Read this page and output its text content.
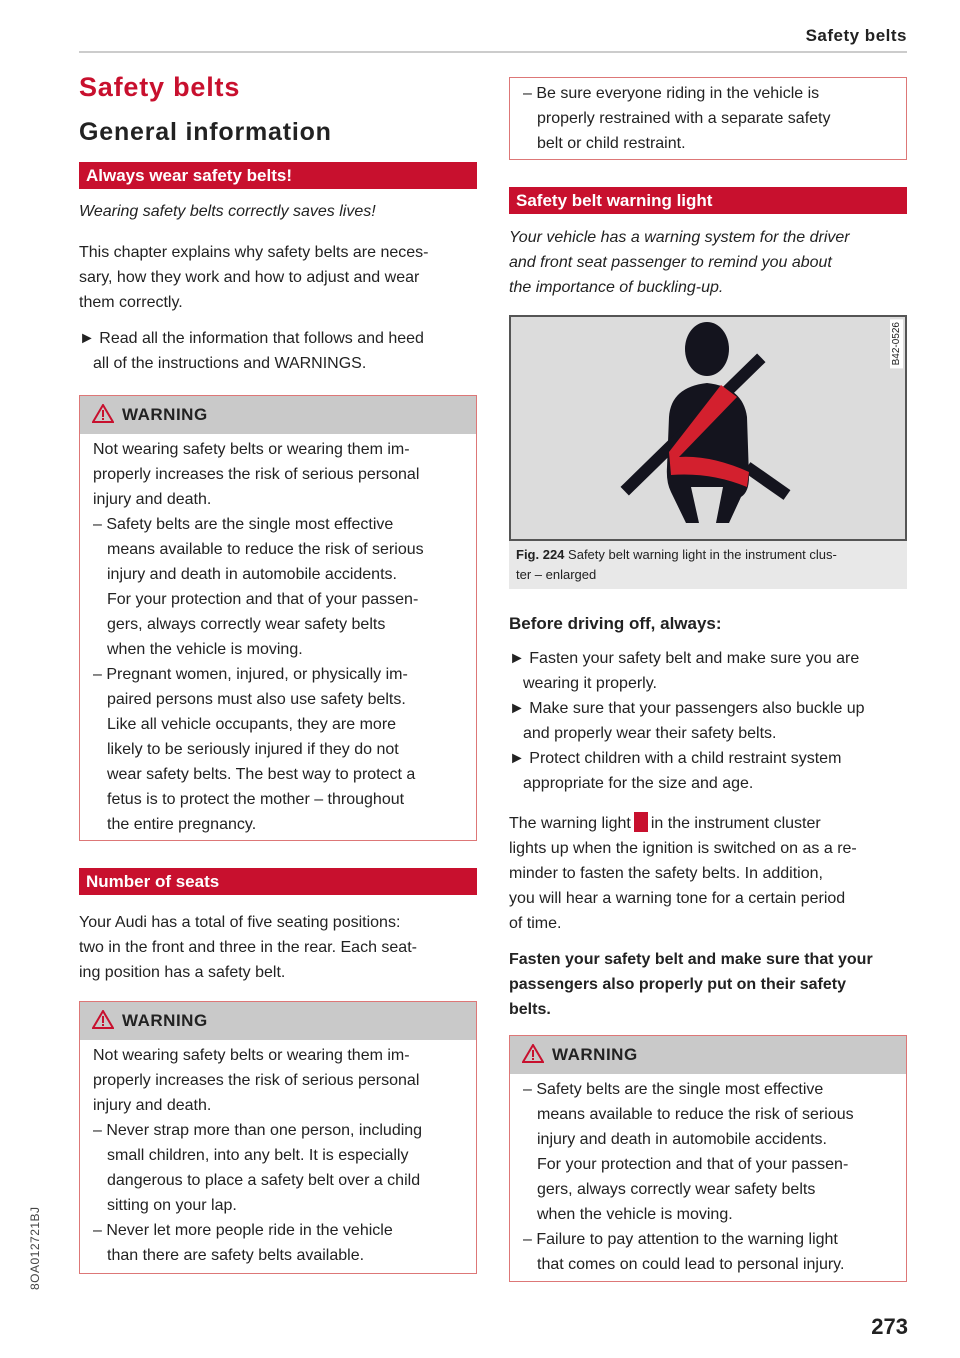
Safety belts
Safety belts
General information
Always wear safety belts!
Wearing safety belts correctly saves lives!
This chapter explains why safety belts are neces-
sary, how they work and how to adjust and wear
them correctly.
► Read all the information that follows and heed
all of the instructions and WARNINGS.
WARNING
Not wearing safety belts or wearing them im-
properly increases the risk of serious personal
injury and death.
– Safety belts are the single most effective
means available to reduce the risk of serious
injury and death in automobile accidents.
For your protection and that of your passen-
gers, always correctly wear safety belts
when the vehicle is moving.
– Pregnant women, injured, or physically im-
paired persons must also use safety belts.
Like all vehicle occupants, they are more
likely to be seriously injured if they do not
wear safety belts. The best way to protect a
fetus is to protect the mother – throughout
the entire pregnancy.
Number of seats
Your Audi has a total of five seating positions:
two in the front and three in the rear. Each seat-
ing position has a safety belt.
WARNING
Not wearing safety belts or wearing them im-
properly increases the risk of serious personal
injury and death.
– Never strap more than one person, including
small children, into any belt. It is especially
dangerous to place a safety belt over a child
sitting on your lap.
– Never let more people ride in the vehicle
than there are safety belts available.
– Be sure everyone riding in the vehicle is
properly restrained with a separate safety
belt or child restraint.
Safety belt warning light
Your vehicle has a warning system for the driver
and front seat passenger to remind you about
the importance of buckling-up.
B42-0526
Fig. 224 Safety belt warning light in the instrument clus-
ter – enlarged
Before driving off, always:
► Fasten your safety belt and make sure you are
wearing it properly.
► Make sure that your passengers also buckle up
and properly wear their safety belts.
► Protect children with a child restraint system
appropriate for the size and age.
The warning light in the instrument cluster
lights up when the ignition is switched on as a re-
minder to fasten the safety belts. In addition,
you will hear a warning tone for a certain period
of time.
Fasten your safety belt and make sure that your
passengers also properly put on their safety
belts.
WARNING
– Safety belts are the single most effective
means available to reduce the risk of serious
injury and death in automobile accidents.
For your protection and that of your passen-
gers, always correctly wear safety belts
when the vehicle is moving.
– Failure to pay attention to the warning light
that comes on could lead to personal injury.
8OA012721BJ
273
